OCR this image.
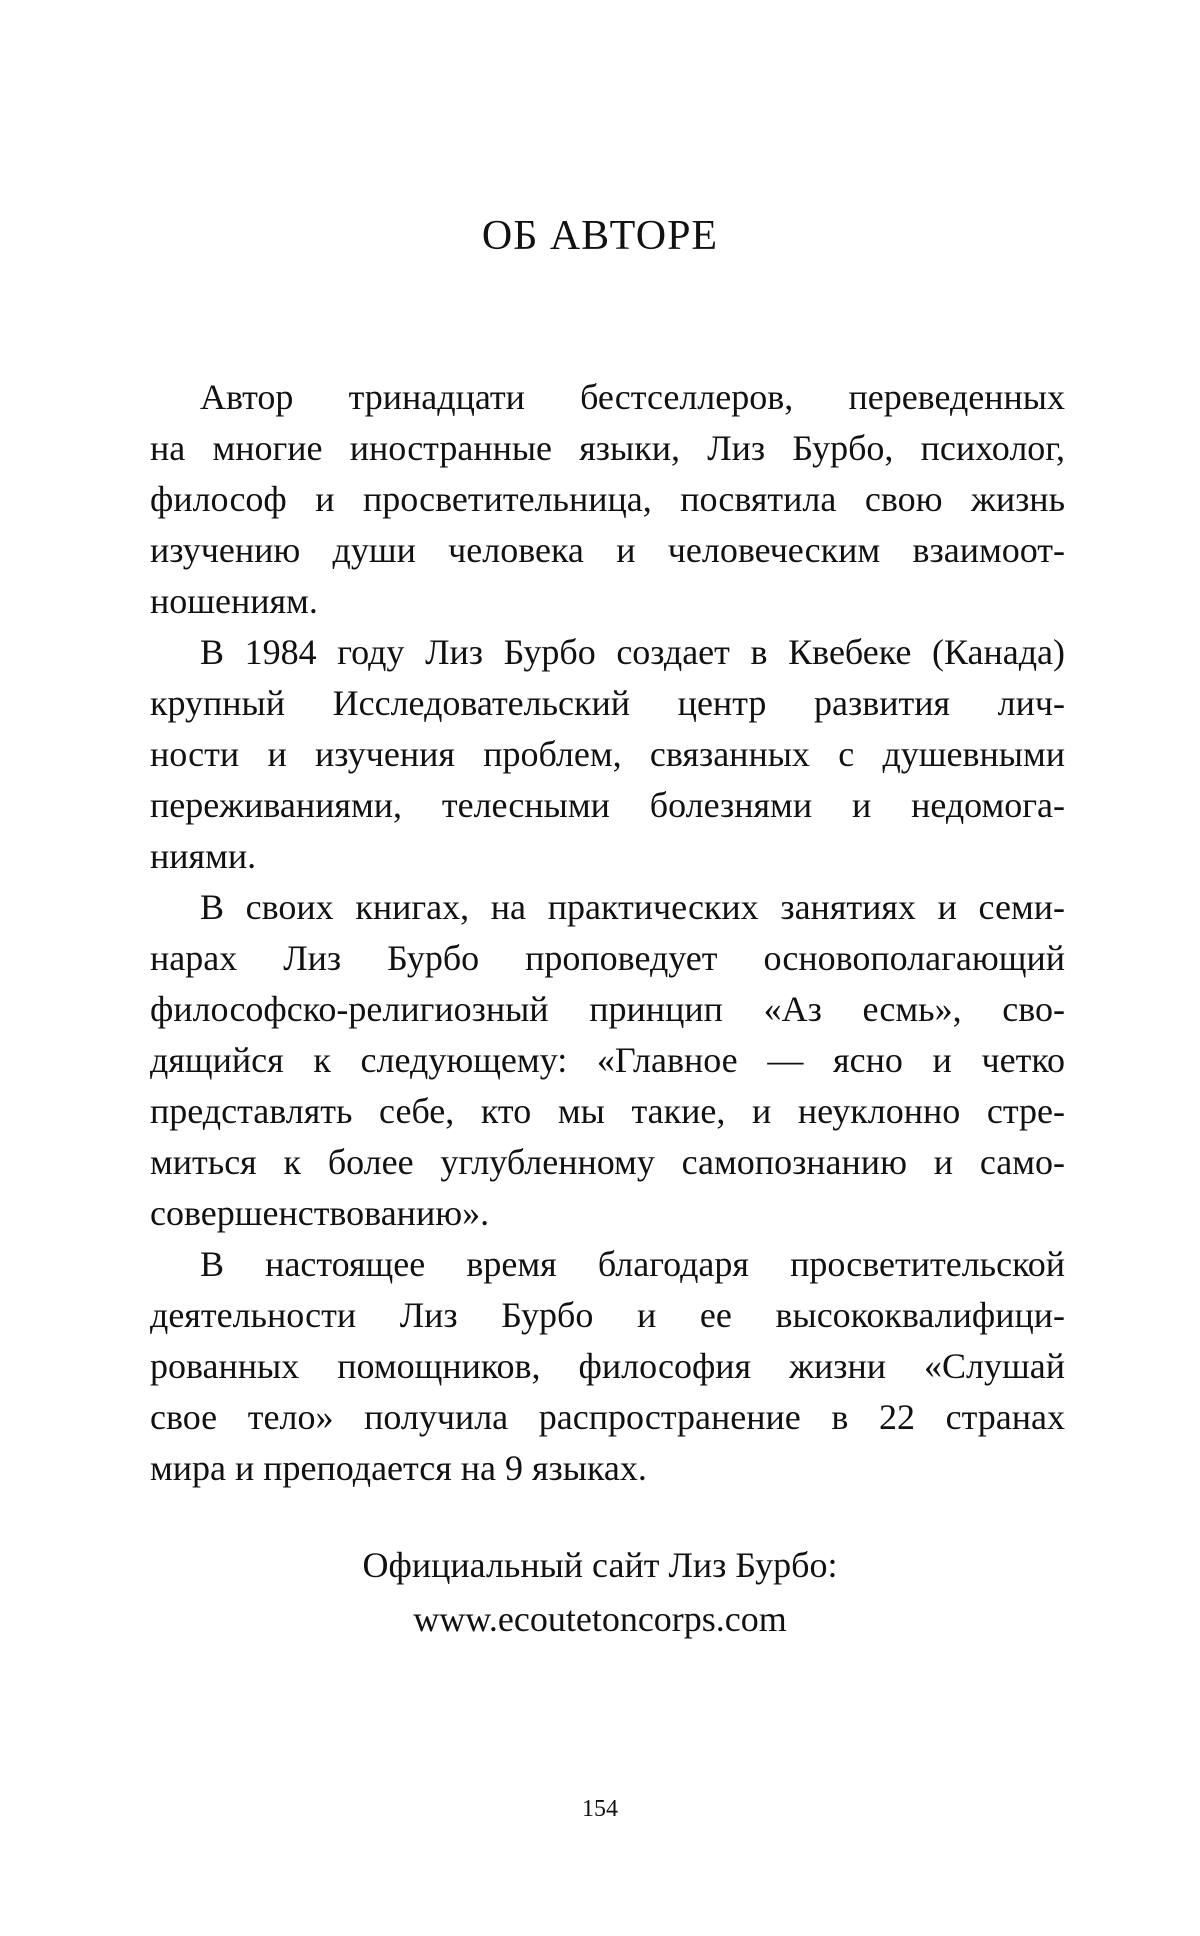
ОБ АВТОРЕ
Автор тринадцати бестселлеров, переведенных
на многие иностранные языки, Лиз Бурбо, психолог,
философ и просветительница, посвятила свою жизнь
изучению души человека и человеческим взаимоот-
ношениям.
В 1984 году Лиз Бурбо создает в Квебеке (Канада)
крупный Исследовательский центр развития лич-
ности и изучения проблем, связанных с душевными
переживаниями, телесными болезнями и недомога-
ниями.
В своих книгах, на практических занятиях и семи-
нарах Лиз Бурбо проповедует основополагающий
философско-религиозный принцип «Аз есмь», сво-
дящийся к следующему: «Главное — ясно и четко
представлять себе, кто мы такие, и неуклонно стре-
миться к более углубленному самопознанию и само-
совершенствованию».
В настоящее время благодаря просветительской
деятельности Лиз Бурбо и ее высококвалифици-
рованных помощников, философия жизни «Слушай
свое тело» получила распространение в 22 странах
мира и преподается на 9 языках.
Официальный сайт Лиз Бурбо:
www.ecoutetoncorps.com
154
